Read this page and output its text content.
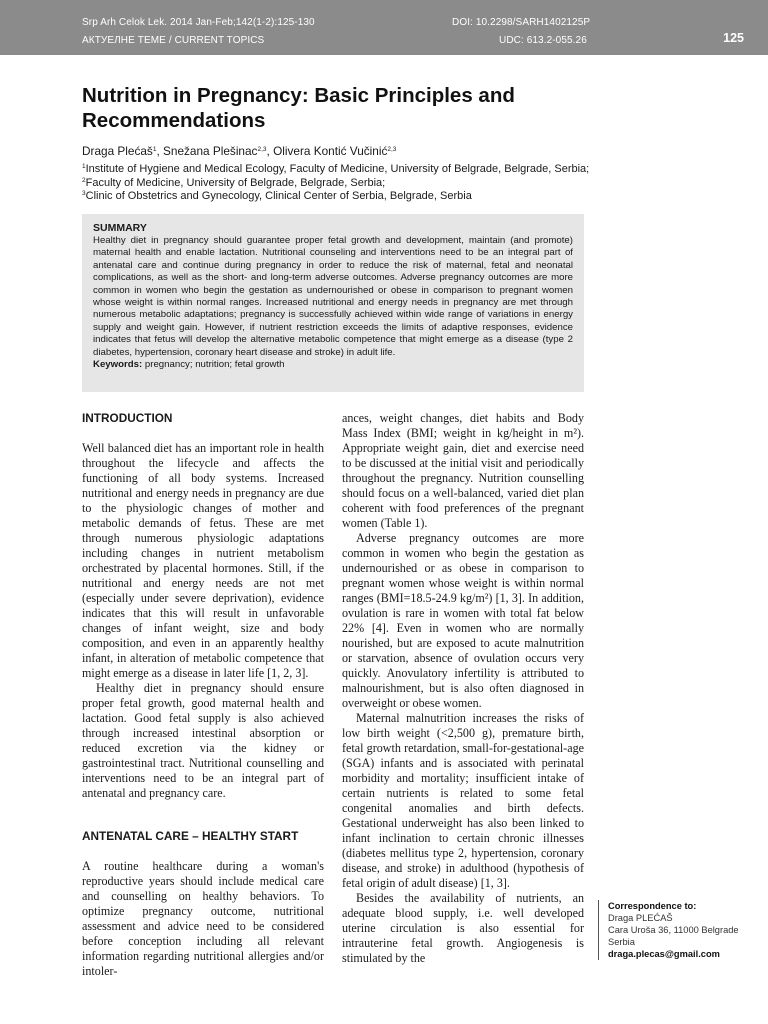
Srp Arh Celok Lek. 2014 Jan-Feb;142(1-2):125-130
АКТУЕЛНЕ ТЕМЕ / CURRENT TOPICS
DOI: 10.2298/SARH1402125P
UDC: 613.2-055.26	125
Nutrition in Pregnancy: Basic Principles and Recommendations
Draga Plećaš$^1$, Snežana Plešinac$^{2,3}$, Olivera Kontić Vučinić$^{2,3}$
$^1$Institute of Hygiene and Medical Ecology, Faculty of Medicine, University of Belgrade, Belgrade, Serbia;
$^2$Faculty of Medicine, University of Belgrade, Belgrade, Serbia;
$^3$Clinic of Obstetrics and Gynecology, Clinical Center of Serbia, Belgrade, Serbia
SUMMARY

Healthy diet in pregnancy should guarantee proper fetal growth and development, maintain (and promote) maternal health and enable lactation. Nutritional counseling and interventions need to be an integral part of antenatal care and continue during pregnancy in order to reduce the risk of maternal, fetal and neonatal complications, as well as the short- and long-term adverse outcomes. Adverse pregnancy outcomes are more common in women who begin the gestation as undernourished or obese in comparison to pregnant women whose weight is within normal ranges. Increased nutritional and energy needs in pregnancy are met through numerous metabolic adaptations; pregnancy is successfully achieved within wide range of variations in energy supply and weight gain. However, if nutrient restriction exceeds the limits of adaptive responses, evidence indicates that fetus will develop the alternative metabolic competence that might emerge as a disease (type 2 diabetes, hypertension, coronary heart disease and stroke) in adult life.

Keywords: pregnancy; nutrition; fetal growth

INTRODUCTION

Well balanced diet has an important role in health throughout the lifecycle and affects the functioning of all body systems. Increased nutritional and energy needs in pregnancy are due to the physiologic changes of mother and metabolic demands of fetus. These are met through numerous physiologic adaptations including changes in nutrient metabolism orchestrated by placental hormones. Still, if the nutritional and energy needs are not met (especially under severe deprivation), evidence indicates that this will result in unfavorable changes of infant weight, size and body composition, and even in an apparently healthy infant, in alteration of metabolic competence that might emerge as a disease in later life [1, 2, 3].

Healthy diet in pregnancy should ensure proper fetal growth, good maternal health and lactation. Good fetal supply is also achieved through increased intestinal absorption or reduced excretion via the kidney or gastrointestinal tract. Nutritional counselling and interventions need to be an integral part of antenatal and pregnancy care.

ANTENATAL CARE – HEALTHY START

A routine healthcare during a woman's reproductive years should include medical care and counselling on healthy behaviors. To optimize pregnancy outcome, nutritional assessment and advice need to be considered before conception including all relevant information regarding nutritional allergies and/or intoler-

ances, weight changes, diet habits and Body Mass Index (BMI; weight in kg/height in m²). Appropriate weight gain, diet and exercise need to be discussed at the initial visit and periodically throughout the pregnancy. Nutrition counselling should focus on a well-balanced, varied diet plan coherent with food preferences of the pregnant women (Table 1).

Adverse pregnancy outcomes are more common in women who begin the gestation as undernourished or as obese in comparison to pregnant women whose weight is within normal ranges (BMI=18.5-24.9 kg/m²) [1, 3]. In addition, ovulation is rare in women with total fat below 22% [4]. Even in women who are normally nourished, but are exposed to acute malnutrition or starvation, absence of ovulation occurs very quickly. Anovulatory infertility is attributed to malnourishment, but is also often diagnosed in overweight or obese women.

Maternal malnutrition increases the risks of low birth weight (<2,500 g), premature birth, fetal growth retardation, small-for-gestational-age (SGA) infants and is associated with perinatal morbidity and mortality; insufficient intake of certain nutrients is related to some fetal congenital anomalies and birth defects. Gestational underweight has also been linked to infant inclination to certain chronic illnesses (diabetes mellitus type 2, hypertension, coronary disease, and stroke) in adulthood (hypothesis of fetal origin of adult disease) [1, 3].

Besides the availability of nutrients, an adequate blood supply, i.e. well developed uterine circulation is also essential for intrauterine fetal growth. Angiogenesis is stimulated by the

Correspondence to:
Draga PLEĆAŠ
Cara Uroša 36, 11000 Belgrade
Serbia
draga.plecas@gmail.com
